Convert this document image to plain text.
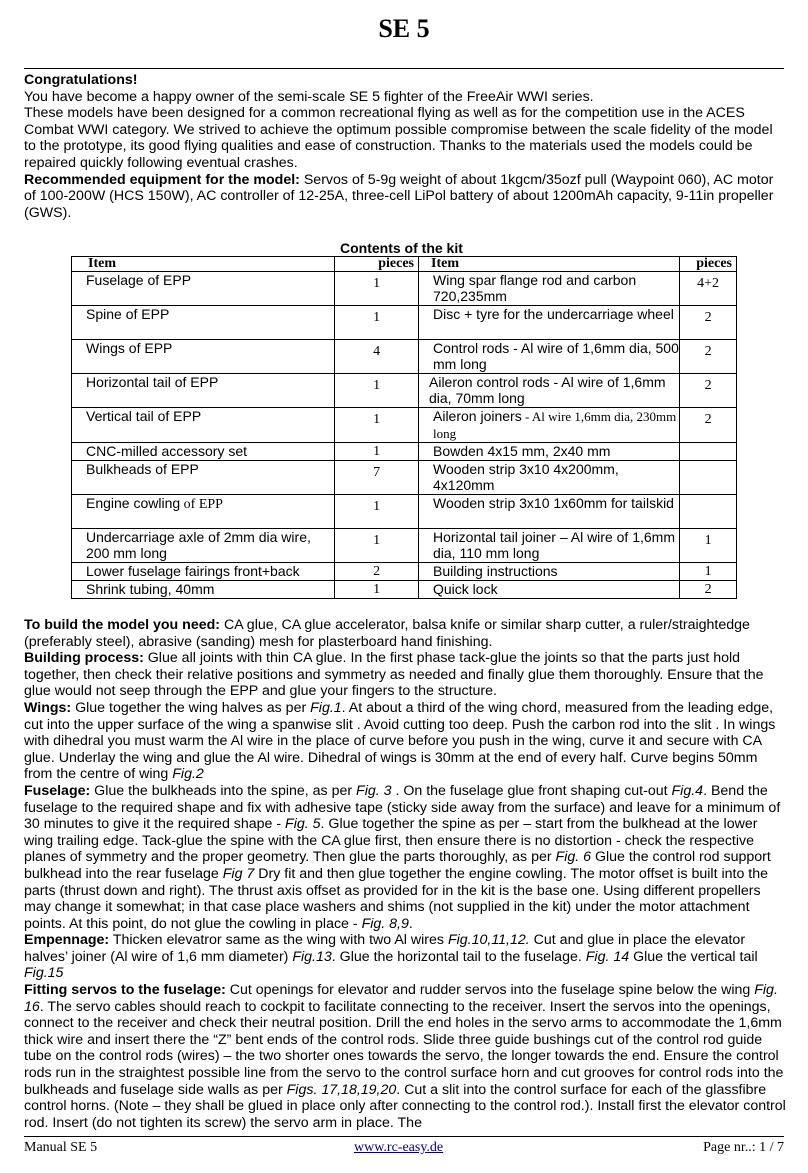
SE 5

Congratulations!

You have become a happy owner of the semi-scale SE 5 fighter of the FreeAir WWI series.

These models have been designed for a common recreational flying as well as for the competition use in the ACES Combat WWI category. We strived to achieve the optimum possible compromise between the scale fidelity of the model to the prototype, its good flying qualities and ease of construction. Thanks to the materials used the models could be repaired quickly following eventual crashes.

Recommended equipment for the model: Servos of 5-9g weight of about 1kgcm/35ozf pull (Waypoint 060), AC motor of 100-200W (HCS 150W), AC controller of 12-25A, three-cell LiPol battery of about 1200mAh capacity, 9-11in propeller (GWS).

Contents of the kit
Item	pieces	Item	pieces
Fuselage of EPP	1	Wing spar flange rod and carbon 720,235mm	4+2
Spine of EPP	1	Disc + tyre for the undercarriage wheel	2
Wings of EPP	4	Control rods - Al wire of 1,6mm dia, 500 mm long	2
Horizontal tail of EPP	1	Aileron control rods - Al wire of 1,6mm dia, 70mm long	2
Vertical tail of EPP	1	Aileron joiners - Al wire 1,6mm dia, 230mm long	2
CNC-milled accessory set	1	Bowden 4x15 mm, 2x40 mm	
Bulkheads of EPP	7	Wooden strip 3x10 4x200mm, 4x120mm	
Engine cowling of EPP	1	Wooden strip 3x10 1x60mm for tailskid	
Undercarriage axle of 2mm dia wire, 200 mm long	1	Horizontal tail joiner – Al wire of 1,6mm dia, 110 mm long	1
Lower fuselage fairings front+back	2	Building instructions	1
Shrink tubing, 40mm	1	Quick lock	2

To build the model you need: CA glue, CA glue accelerator, balsa knife or similar sharp cutter, a ruler/straightedge (preferably steel), abrasive (sanding) mesh for plasterboard hand finishing.

Building process: Glue all joints with thin CA glue. In the first phase tack-glue the joints so that the parts just hold together, then check their relative positions and symmetry as needed and finally glue them thoroughly. Ensure that the glue would not seep through the EPP and glue your fingers to the structure.

Wings: Glue together the wing halves as per Fig.1. At about a third of the wing chord, measured from the leading edge, cut into the upper surface of the wing a spanwise slit . Avoid cutting too deep. Push the carbon rod into the slit . In wings with dihedral you must warm the Al wire in the place of curve before you push in the wing, curve it and secure with CA glue. Underlay the wing and glue the Al wire. Dihedral of wings is 30mm at the end of every half. Curve begins 50mm from the centre of wing Fig.2

Fuselage: Glue the bulkheads into the spine, as per Fig. 3 . On the fuselage glue front shaping cut-out Fig.4. Bend the fuselage to the required shape and fix with adhesive tape (sticky side away from the surface) and leave for a minimum of 30 minutes to give it the required shape - Fig. 5. Glue together the spine as per – start from the bulkhead at the lower wing trailing edge. Tack-glue the spine with the CA glue first, then ensure there is no distortion - check the respective planes of symmetry and the proper geometry. Then glue the parts thoroughly, as per Fig. 6 Glue the control rod support bulkhead into the rear fuselage Fig 7 Dry fit and then glue together the engine cowling. The motor offset is built into the parts (thrust down and right). The thrust axis offset as provided for in the kit is the base one. Using different propellers may change it somewhat; in that case place washers and shims (not supplied in the kit) under the motor attachment points. At this point, do not glue the cowling in place - Fig. 8,9.

Empennage: Thicken elevatror same as the wing with two Al wires Fig.10,11,12. Cut and glue in place the elevator halves’ joiner (Al wire of 1,6 mm diameter) Fig.13. Glue the horizontal tail to the fuselage. Fig. 14 Glue the vertical tail Fig.15

Fitting servos to the fuselage: Cut openings for elevator and rudder servos into the fuselage spine below the wing Fig. 16. The servo cables should reach to cockpit to facilitate connecting to the receiver. Insert the servos into the openings, connect to the receiver and check their neutral position. Drill the end holes in the servo arms to accommodate the 1,6mm thick wire and insert there the “Z” bent ends of the control rods. Slide three guide bushings cut of the control rod guide tube on the control rods (wires) – the two shorter ones towards the servo, the longer towards the end. Ensure the control rods run in the straightest possible line from the servo to the control surface horn and cut grooves for control rods into the bulkheads and fuselage side walls as per Figs. 17,18,19,20. Cut a slit into the control surface for each of the glassfibre control horns. (Note – they shall be glued in place only after connecting to the control rod.). Install first the elevator control rod. Insert (do not tighten its screw) the servo arm in place. The

Manual SE 5	www.rc-easy.de	Page nr..: 1 / 7
